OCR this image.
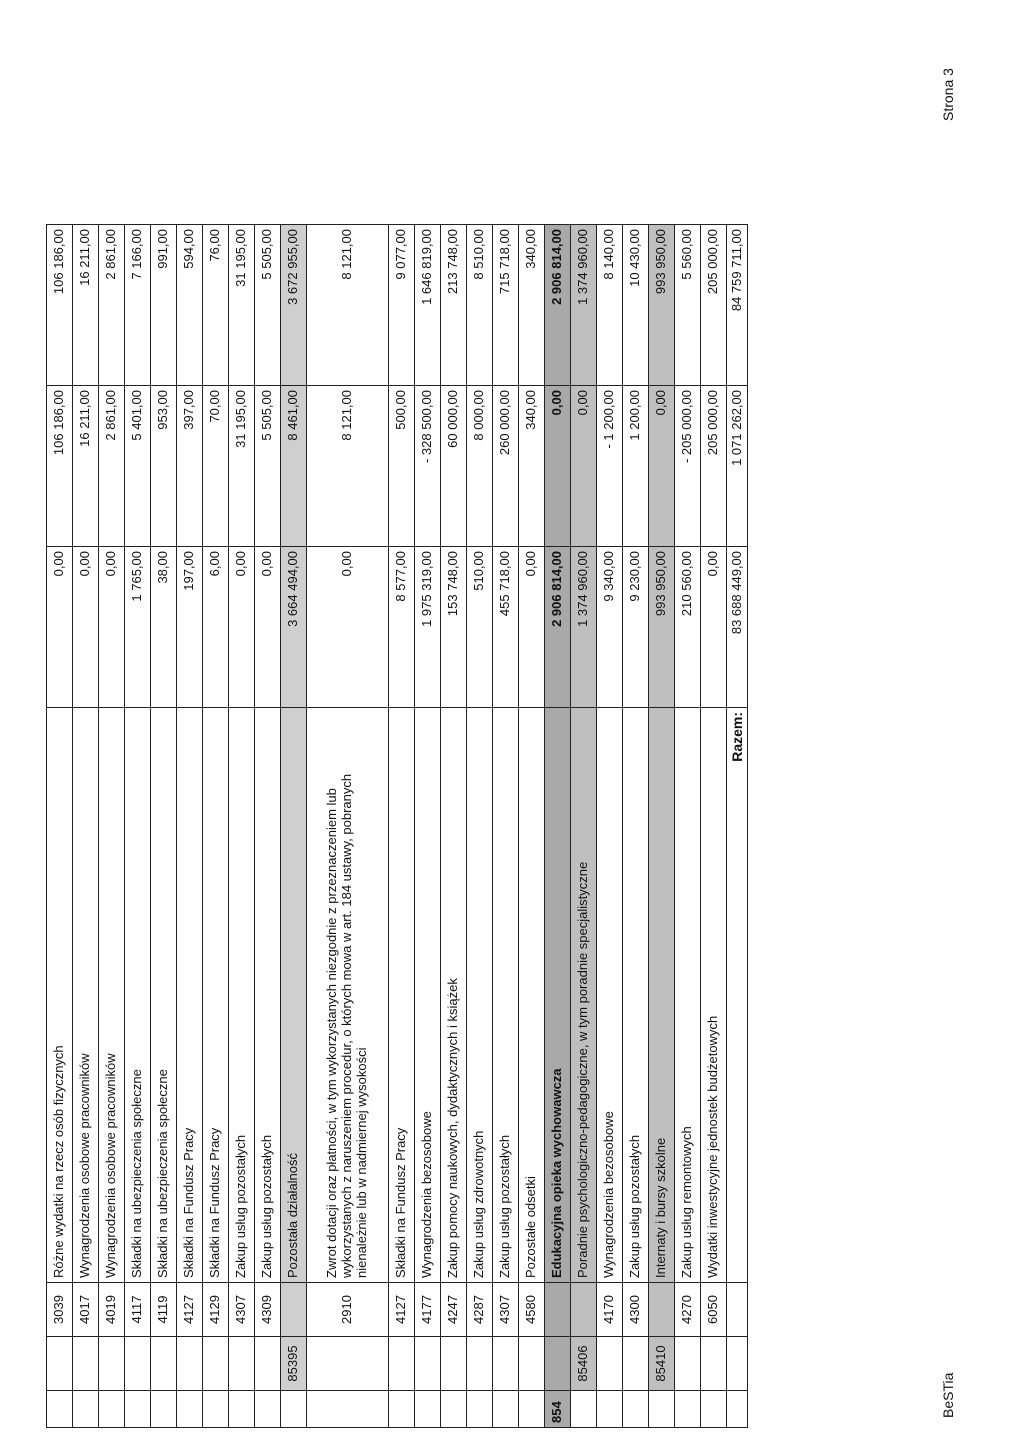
		3039	Różne wydatki na rzecz osób fizycznych	0,00	106 186,00	106 186,00
		4017	Wynagrodzenia osobowe pracowników	0,00	16 211,00	16 211,00
		4019	Wynagrodzenia osobowe pracowników	0,00	2 861,00	2 861,00
		4117	Składki na ubezpieczenia społeczne	1 765,00	5 401,00	7 166,00
		4119	Składki na ubezpieczenia społeczne	38,00	953,00	991,00
		4127	Składki na Fundusz Pracy	197,00	397,00	594,00
		4129	Składki na Fundusz Pracy	6,00	70,00	76,00
		4307	Zakup usług pozostałych	0,00	31 195,00	31 195,00
		4309	Zakup usług pozostałych	0,00	5 505,00	5 505,00
	85395		Pozostała działalność	3 664 494,00	8 461,00	3 672 955,00
		2910	Zwrot dotacji oraz płatności, w tym wykorzystanych niezgodnie z przeznaczeniem lub wykorzystanych z naruszeniem procedur, o których mowa w art. 184 ustawy, pobranych nienależnie lub w nadmiernej wysokości	0,00	8 121,00	8 121,00
		4127	Składki na Fundusz Pracy	8 577,00	500,00	9 077,00
		4177	Wynagrodzenia bezosobowe	1 975 319,00	- 328 500,00	1 646 819,00
		4247	Zakup pomocy naukowych, dydaktycznych i książek	153 748,00	60 000,00	213 748,00
		4287	Zakup usług zdrowotnych	510,00	8 000,00	8 510,00
		4307	Zakup usług pozostałych	455 718,00	260 000,00	715 718,00
		4580	Pozostałe odsetki	0,00	340,00	340,00
854			Edukacyjna opieka wychowawcza	2 906 814,00	0,00	2 906 814,00
	85406		Poradnie psychologiczno-pedagogiczne, w tym poradnie specjalistyczne	1 374 960,00	0,00	1 374 960,00
		4170	Wynagrodzenia bezosobowe	9 340,00	- 1 200,00	8 140,00
		4300	Zakup usług pozostałych	9 230,00	1 200,00	10 430,00
	85410		Internaty i bursy szkolne	993 950,00	0,00	993 950,00
		4270	Zakup usług remontowych	210 560,00	- 205 000,00	5 560,00
		6050	Wydatki inwestycyjne jednostek budżetowych	0,00	205 000,00	205 000,00
			Razem:	83 688 449,00	1 071 262,00	84 759 711,00
BeSTia
Strona 3
